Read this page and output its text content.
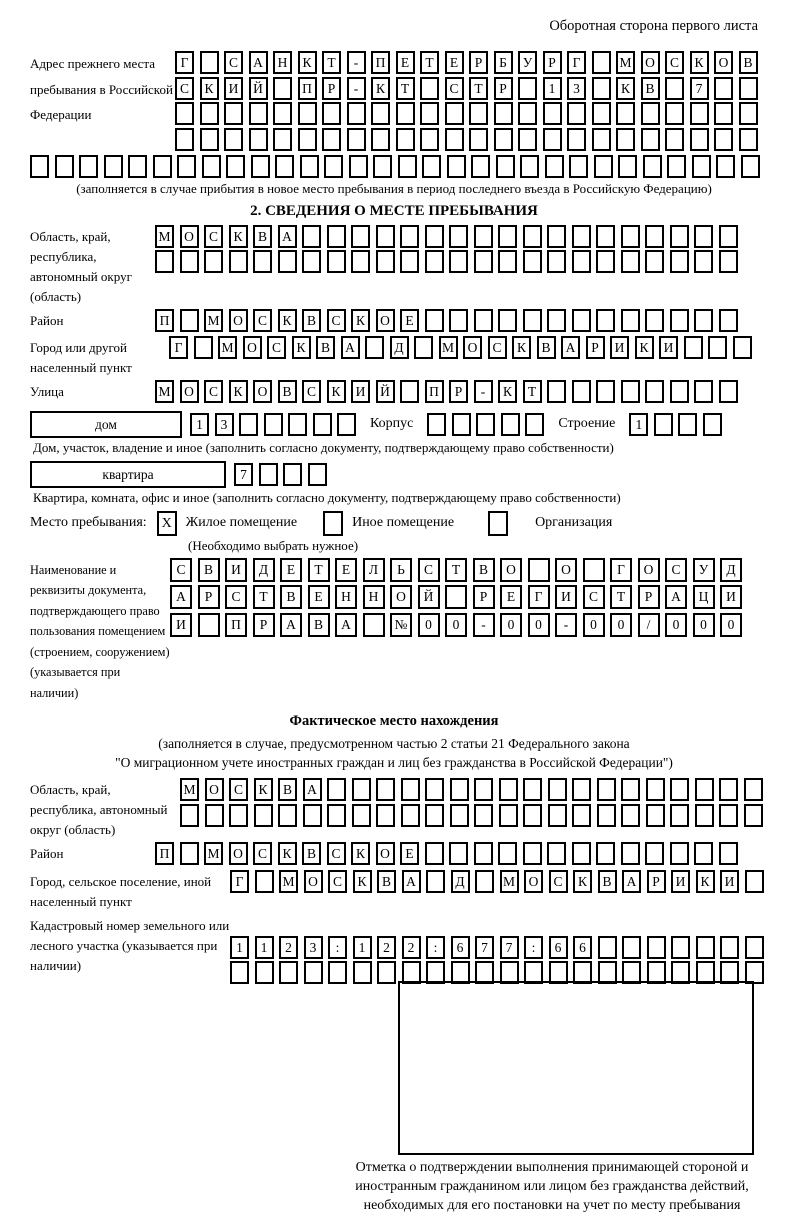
Оборотная сторона первого листа
Адрес прежнего места пребывания в Российской Федерации
Г	С	А	Н	К	Т	-	П	Е	Т	Е	Р	Б	У	Р	Г	М	О	С	К	О	В
С	К	И	Й	П	Р	-	К	Т	С	Т	Р	1	3	К	В	7
(заполняется в случае прибытия в новое место пребывания в период последнего въезда в Российскую Федерацию)
2. СВЕДЕНИЯ О МЕСТЕ ПРЕБЫВАНИЯ
Область, край, республика, автономный округ (область)
М	О	С	К	В	А
Район	П	М	О	С	К	В	С	К	О	Е
Город или другой населенный пункт
Г	М	О	С	К	В	А	Д	М	О	С	К	В	А	Р	И	К	И
Улица	М	О	С	К	О	В	С	К	И	Й	П	Р	-	К	Т
дом	1	3	Корпус	Строение	1
Дом, участок, владение и иное (заполнить согласно документу, подтверждающему право собственности)
квартира	7
Квартира, комната, офис и иное (заполнить согласно документу, подтверждающему право собственности)
Место пребывания:	X Жилое помещение	Иное помещение	Организация
(Необходимо выбрать нужное)
Наименование и реквизиты документа, подтверждающего право пользования помещением (строением, сооружением) (указывается при наличии)
С	В	И	Д	Е	Т	Е	Л	Ь	С	Т	В	О	О	Г	О	С	У	Д
А	Р	С	Т	В	Е	Н	Н	О	Й	Р	Е	Г	И	С	Т	Р	А	Ц	И
И	П	Р	А	В	А	№	0	0	-	0	0	-	0	0	/	0	0	0
Фактическое место нахождения
(заполняется в случае, предусмотренном частью 2 статьи 21 Федерального закона
"О миграционном учете иностранных граждан и лиц без гражданства в Российской Федерации")
Область, край, республика, автономный округ (область)
М	О	С	К	В	А
Район	П	М	О	С	К	В	С	К	О	Е
Город, сельское поселение, иной населенный пункт
Г	М	О	С	К	В	А	Д	М	О	С	К	В	А	Р	И	К	И
Кадастровый номер земельного или лесного участка (указывается при наличии)
1	1	2	3	:	1	2	2	:	6	7	7	:	6	6
Отметка о подтверждении выполнения принимающей стороной и иностранным гражданином или лицом без гражданства действий, необходимых для его постановки на учет по месту пребывания
